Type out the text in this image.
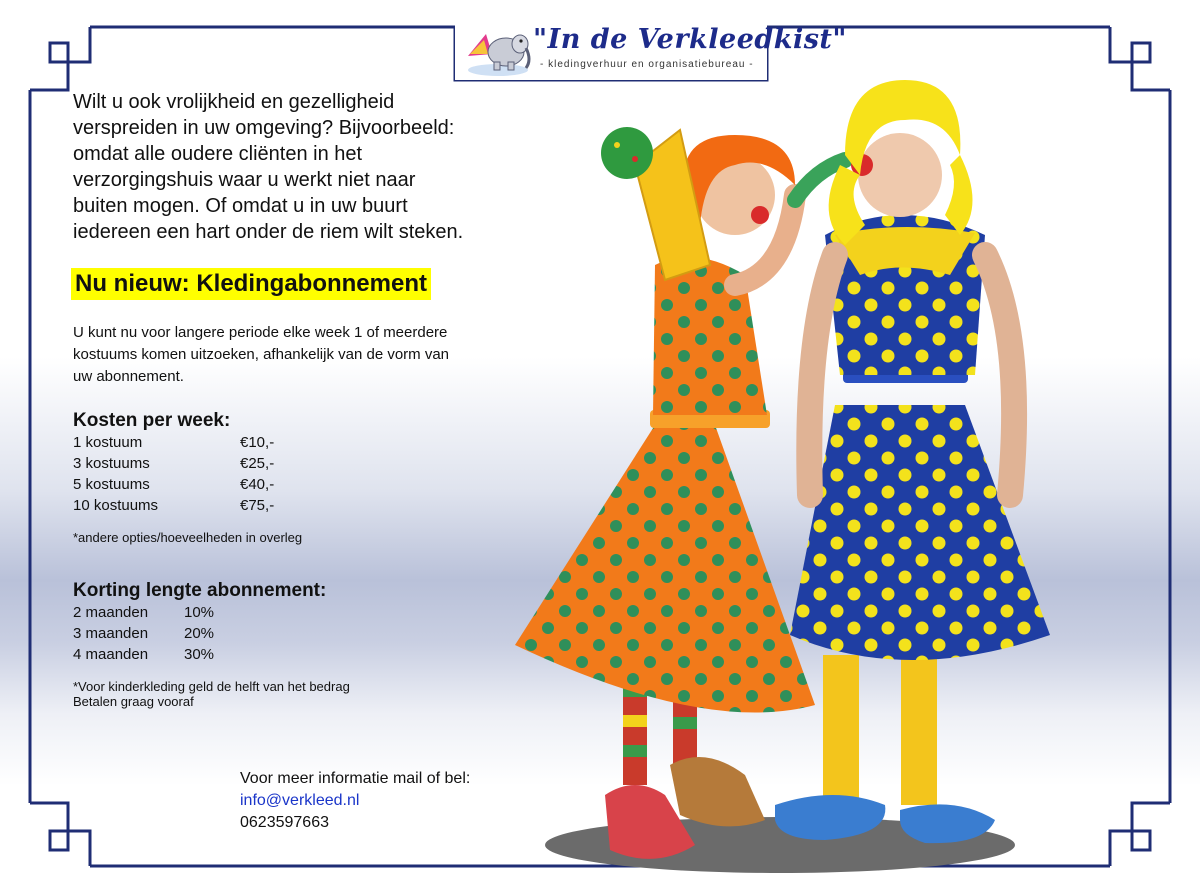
"In de Verkleedkist"
- kledingverhuur en organisatiebureau -
Wilt u ook vrolijkheid en gezelligheid
verspreiden in uw omgeving? Bijvoorbeeld:
omdat alle oudere cliënten in het
verzorgingshuis waar u werkt niet naar
buiten mogen. Of omdat u in uw buurt
iedereen een hart onder de riem wilt steken.
Nu nieuw: Kledingabonnement
U kunt nu voor langere periode elke week 1 of meerdere
kostuums komen uitzoeken, afhankelijk van de vorm van
uw abonnement.
Kosten per week:
1 kostuum	€10,-
3 kostuums	€25,-
5 kostuums	€40,-
10 kostuums	€75,-
*andere opties/hoeveelheden in overleg
Korting lengte abonnement:
2 maanden 10%
3 maanden 20%
4 maanden 30%
*Voor kinderkleding geld de helft van het bedrag
Betalen graag vooraf
Voor meer informatie mail of bel:
info@verkleed.nl
0623597663
